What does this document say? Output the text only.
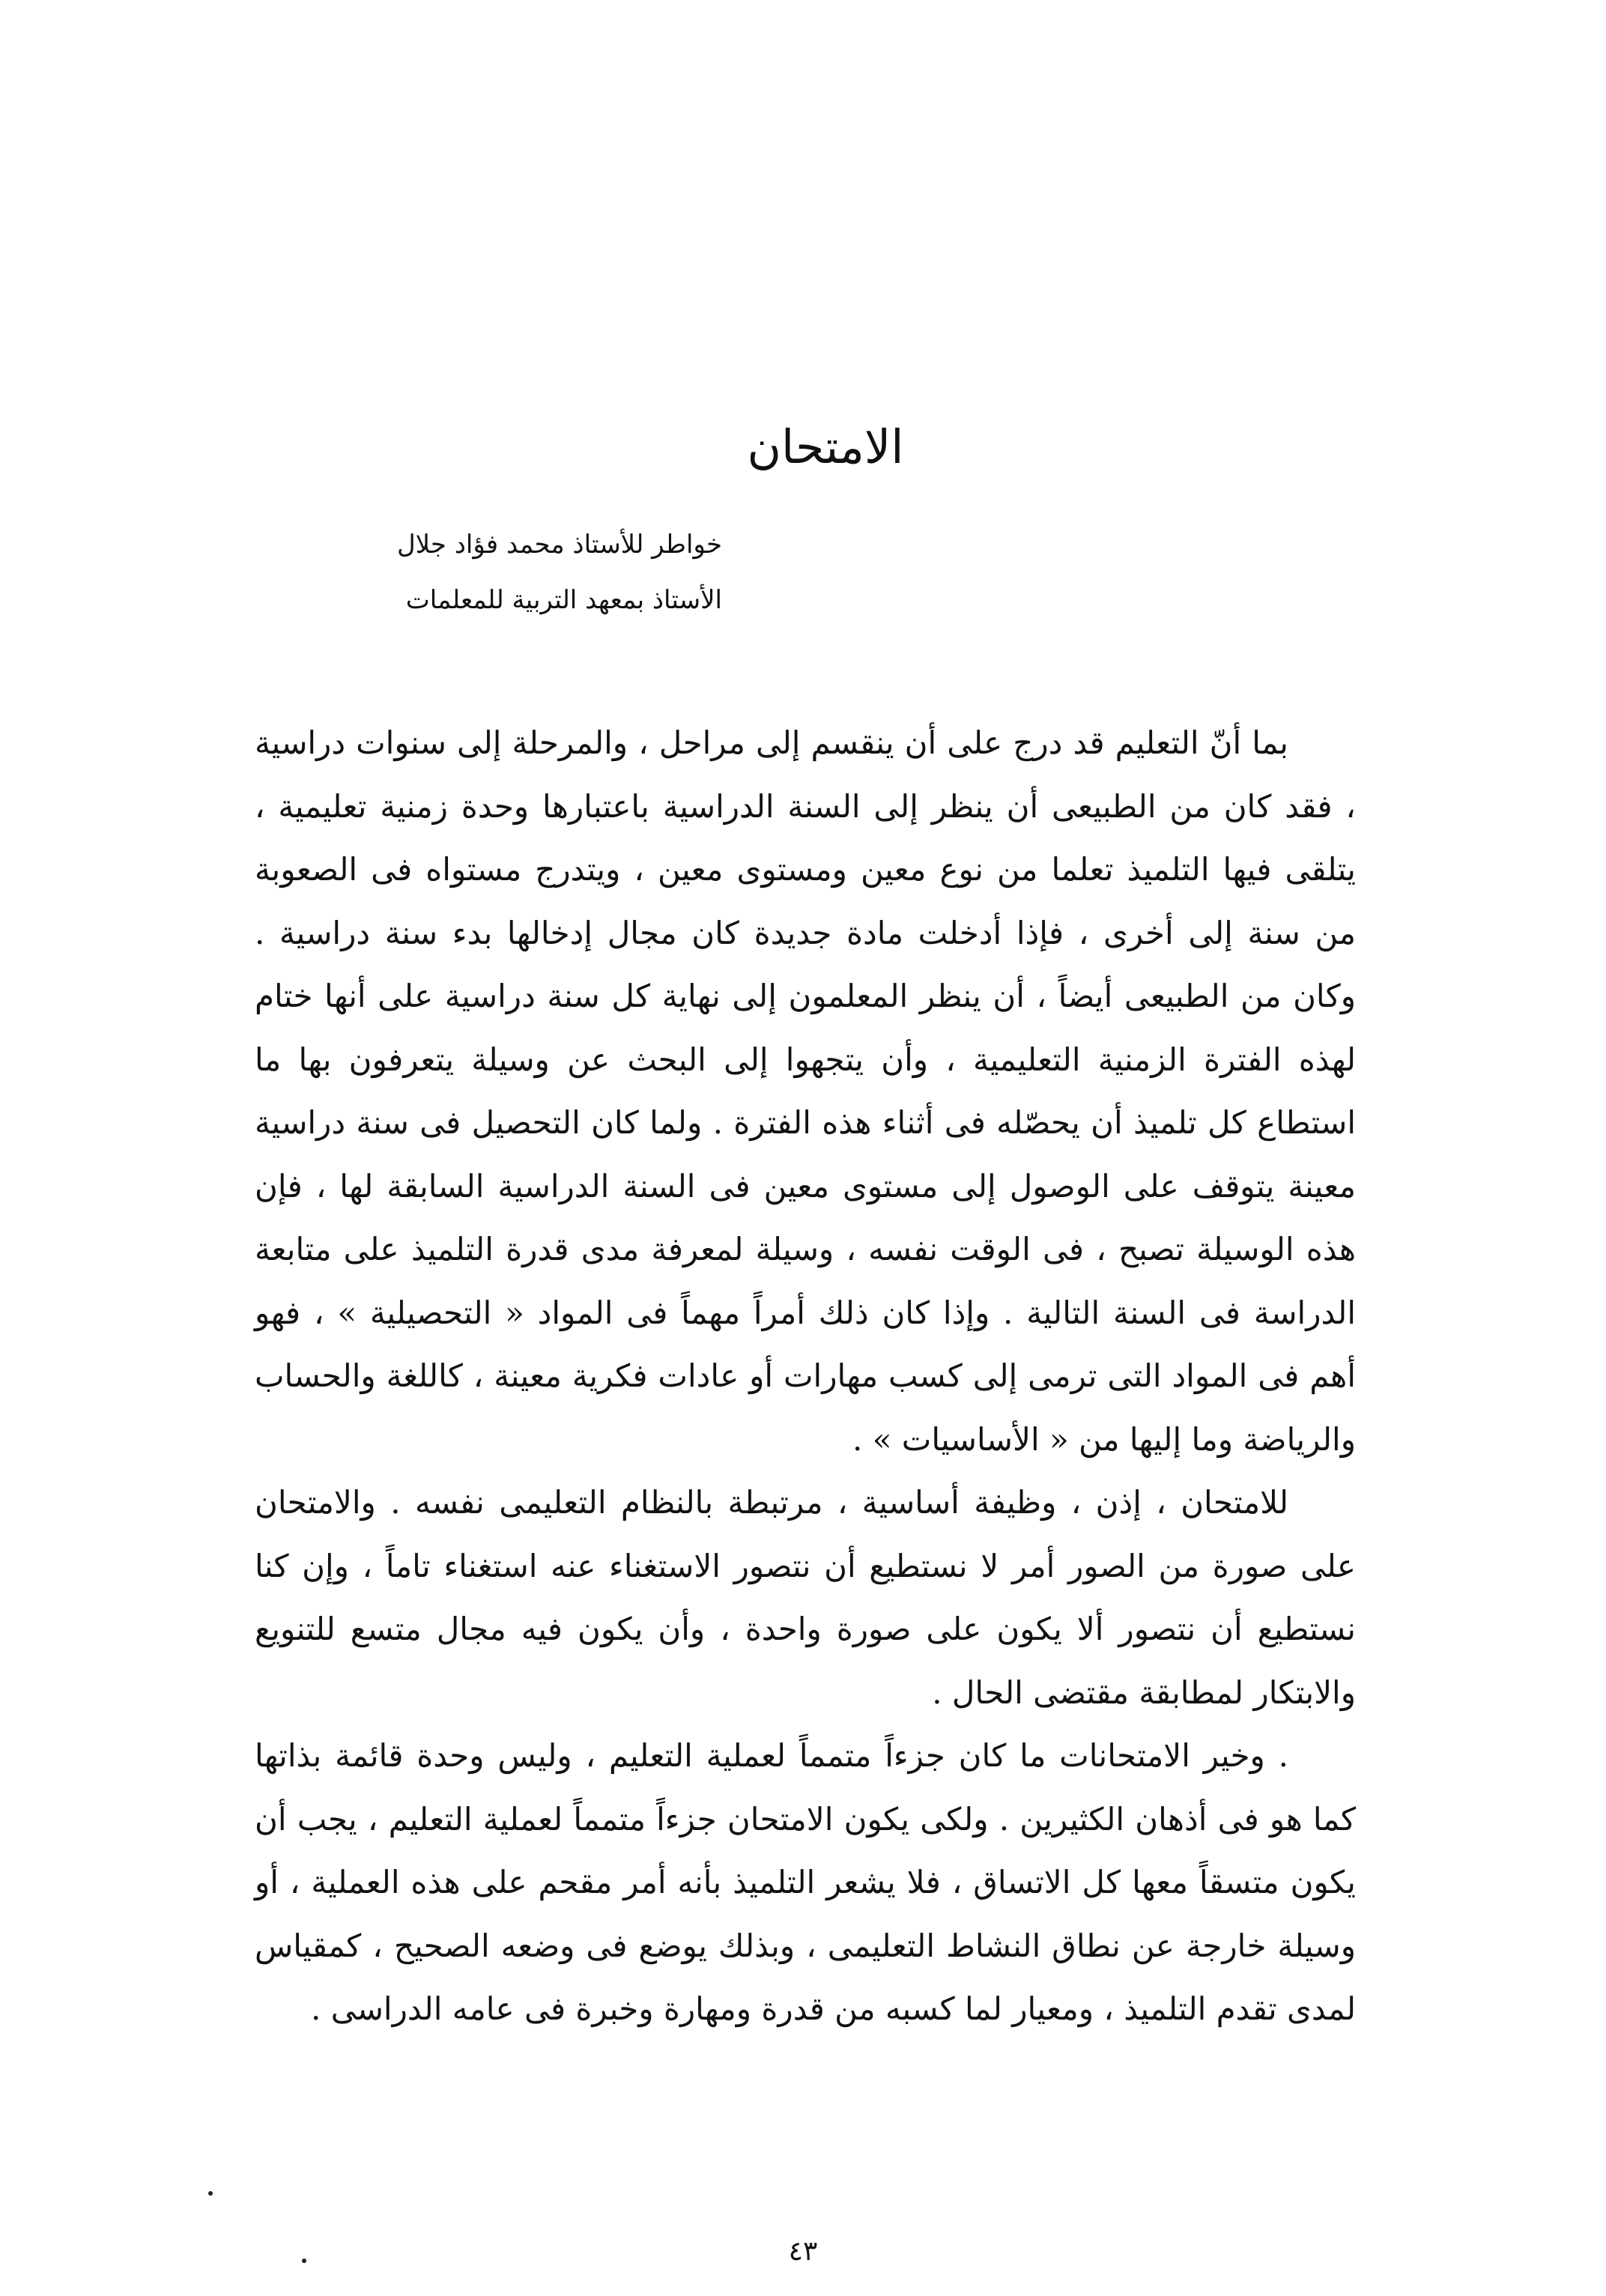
الامتحان
خواطر للأستاذ محمد فؤاد جلال
الأستاذ بمعهد التربية للمعلمات

بما أنّ التعليم قد درج على أن ينقسم إلى مراحل ، والمرحلة إلى سنوات دراسية ، فقد كان من الطبيعى أن ينظر إلى السنة الدراسية باعتبارها وحدة زمنية تعليمية ، يتلقى فيها التلميذ تعلما من نوع معين ومستوى معين ، ويتدرج مستواه فى الصعوبة من سنة إلى أخرى ، فإذا أدخلت مادة جديدة كان مجال إدخالها بدء سنة دراسية . وكان من الطبيعى أيضاً ، أن ينظر المعلمون إلى نهاية كل سنة دراسية على أنها ختام لهذه الفترة الزمنية التعليمية ، وأن يتجهوا إلى البحث عن وسيلة يتعرفون بها ما استطاع كل تلميذ أن يحصّله فى أثناء هذه الفترة . ولما كان التحصيل فى سنة دراسية معينة يتوقف على الوصول إلى مستوى معين فى السنة الدراسية السابقة لها ، فإن هذه الوسيلة تصبح ، فى الوقت نفسه ، وسيلة لمعرفة مدى قدرة التلميذ على متابعة الدراسة فى السنة التالية . وإذا كان ذلك أمراً مهماً فى المواد « التحصيلية » ، فهو أهم فى المواد التى ترمى إلى كسب مهارات أو عادات فكرية معينة ، كاللغة والحساب والرياضة وما إليها من « الأساسيات » .

للامتحان ، إذن ، وظيفة أساسية ، مرتبطة بالنظام التعليمى نفسه . والامتحان على صورة من الصور أمر لا نستطيع أن نتصور الاستغناء عنه استغناء تاماً ، وإن كنا نستطيع أن نتصور ألا يكون على صورة واحدة ، وأن يكون فيه مجال متسع للتنويع والابتكار لمطابقة مقتضى الحال .

. وخير الامتحانات ما كان جزءاً متمماً لعملية التعليم ، وليس وحدة قائمة بذاتها كما هو فى أذهان الكثيرين . ولكى يكون الامتحان جزءاً متمماً لعملية التعليم ، يجب أن يكون متسقاً معها كل الاتساق ، فلا يشعر التلميذ بأنه أمر مقحم على هذه العملية ، أو وسيلة خارجة عن نطاق النشاط التعليمى ، وبذلك يوضع فى وضعه الصحيح ، كمقياس لمدى تقدم التلميذ ، ومعيار لما كسبه من قدرة ومهارة وخبرة فى عامه الدراسى .

٤٣
